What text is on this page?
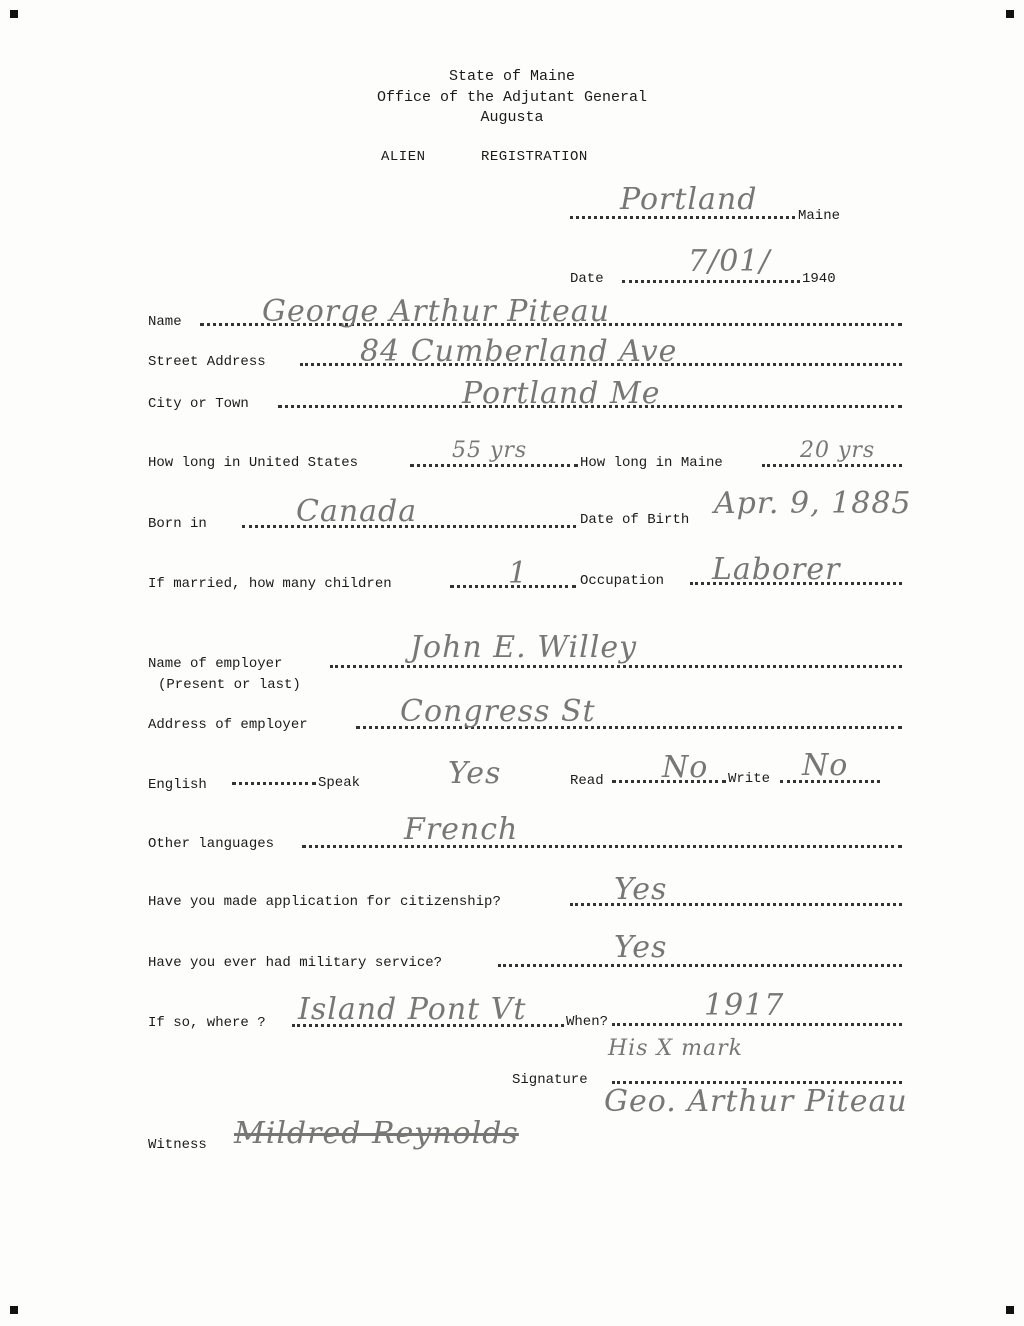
State of Maine
Office of the Adjutant General
Augusta
ALIEN	REGISTRATION
Portland	Maine
Date	7/01/ 1940
Name	George Arthur Piteau
Street Address	84 Cumberland Ave
City or Town	Portland Me
How long in United States	55 yrs	How long in Maine	20 yrs
Born in	Canada	Date of Birth Apr. 9, 1885
If married, how many children	1	Occupation Laborer
Name of employer
(Present or last)
John E. Willey
Address of employer	Congress St
English	Speak	Yes	Read No Write No
Other languages	French
Have you made application for citizenship?	Yes
Have you ever had military service?	Yes
If so, where ? Island Pont Vt	When?	1917
His X mark
Signature
Geo. Arthur Piteau
Witness Mildred Reynolds
